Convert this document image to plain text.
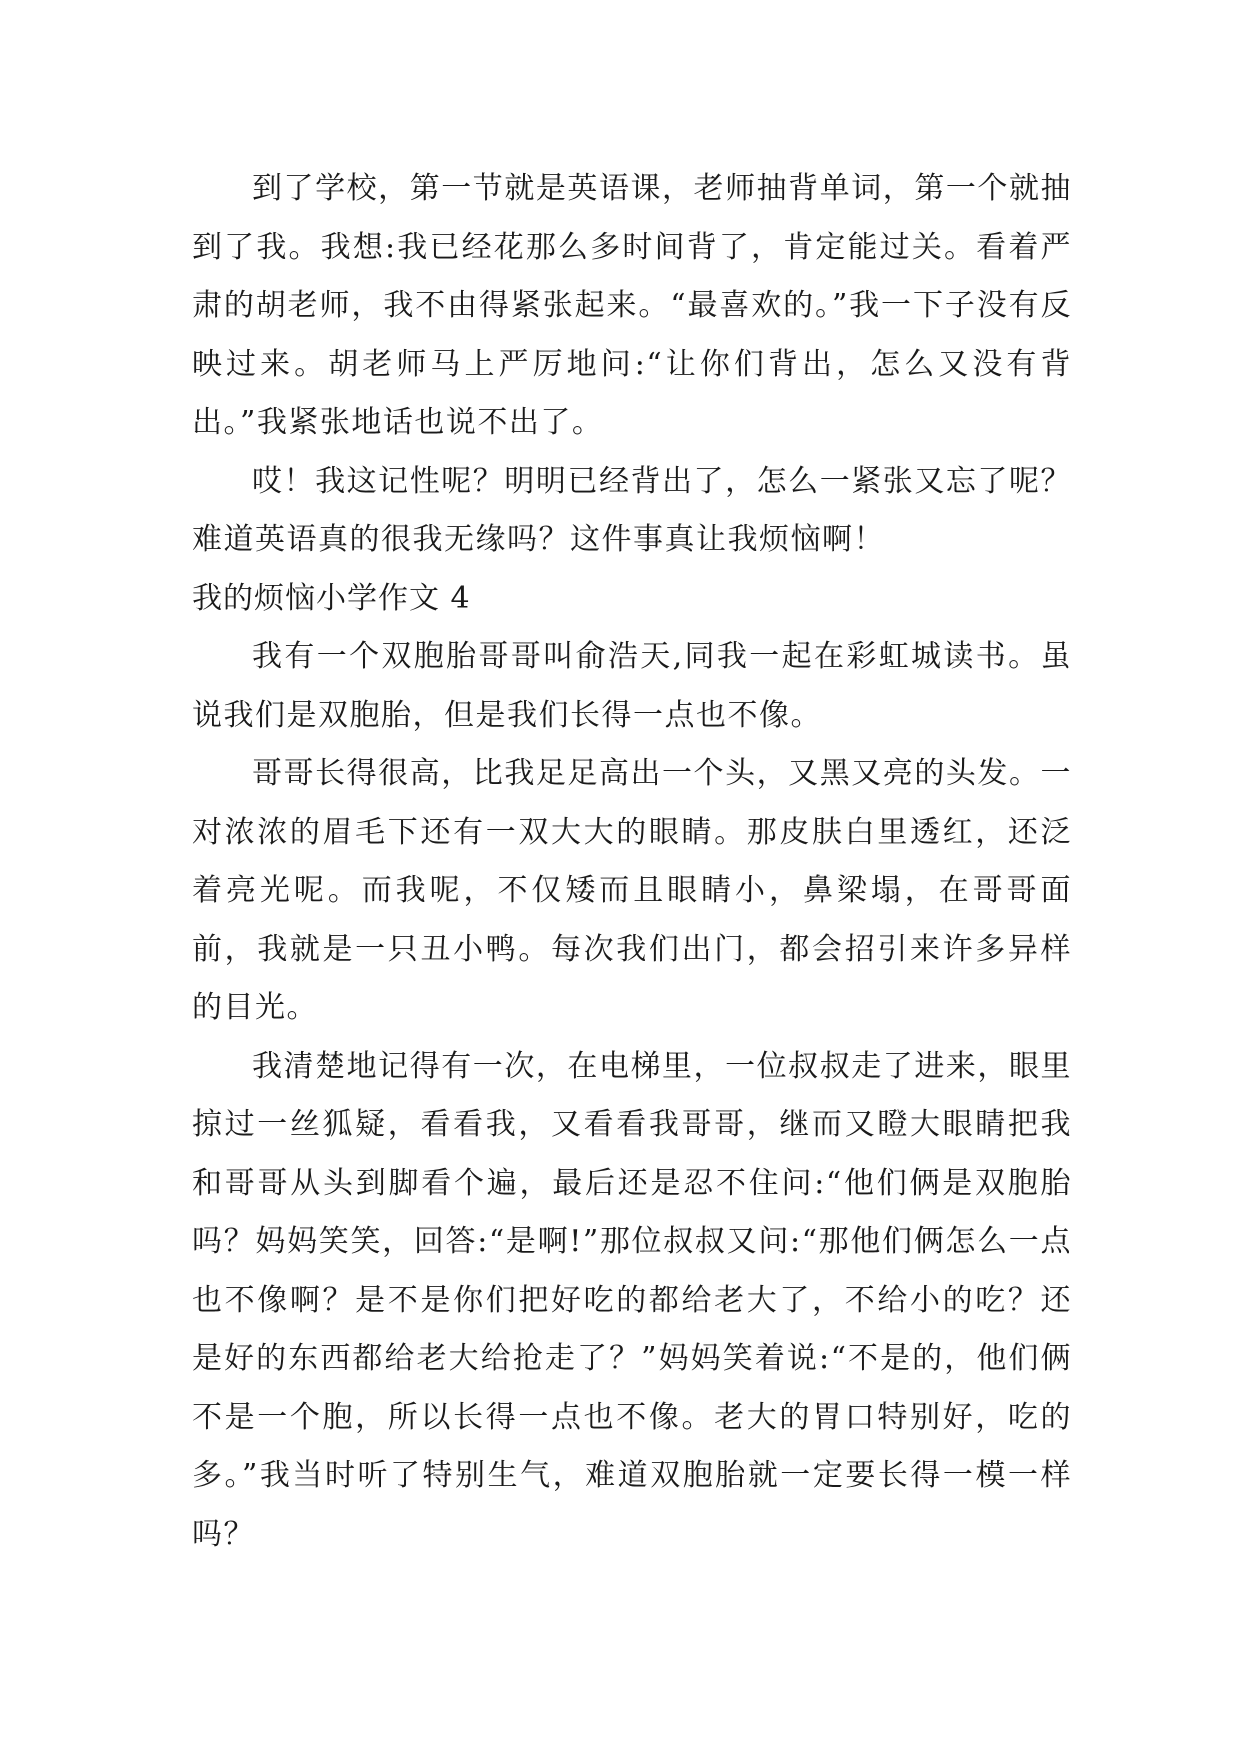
到了学校，第一节就是英语课，老师抽背单词，第一个就抽到了我。我想:我已经花那么多时间背了，肯定能过关。看着严肃的胡老师，我不由得紧张起来。“最喜欢的。”我一下子没有反映过来。胡老师马上严厉地问:“让你们背出，怎么又没有背出。”我紧张地话也说不出了。

哎！我这记性呢？明明已经背出了，怎么一紧张又忘了呢？难道英语真的很我无缘吗？这件事真让我烦恼啊！

我的烦恼小学作文 4

我有一个双胞胎哥哥叫俞浩天,同我一起在彩虹城读书。虽说我们是双胞胎，但是我们长得一点也不像。

哥哥长得很高，比我足足高出一个头，又黑又亮的头发。一对浓浓的眉毛下还有一双大大的眼睛。那皮肤白里透红，还泛着亮光呢。而我呢，不仅矮而且眼睛小，鼻梁塌，在哥哥面前，我就是一只丑小鸭。每次我们出门，都会招引来许多异样的目光。

我清楚地记得有一次，在电梯里，一位叔叔走了进来，眼里掠过一丝狐疑，看看我，又看看我哥哥，继而又瞪大眼睛把我和哥哥从头到脚看个遍，最后还是忍不住问:“他们俩是双胞胎吗？妈妈笑笑，回答:“是啊!”那位叔叔又问:“那他们俩怎么一点也不像啊？是不是你们把好吃的都给老大了，不给小的吃？还是好的东西都给老大给抢走了？”妈妈笑着说:“不是的，他们俩不是一个胞，所以长得一点也不像。老大的胃口特别好，吃的多。”我当时听了特别生气，难道双胞胎就一定要长得一模一样吗？
